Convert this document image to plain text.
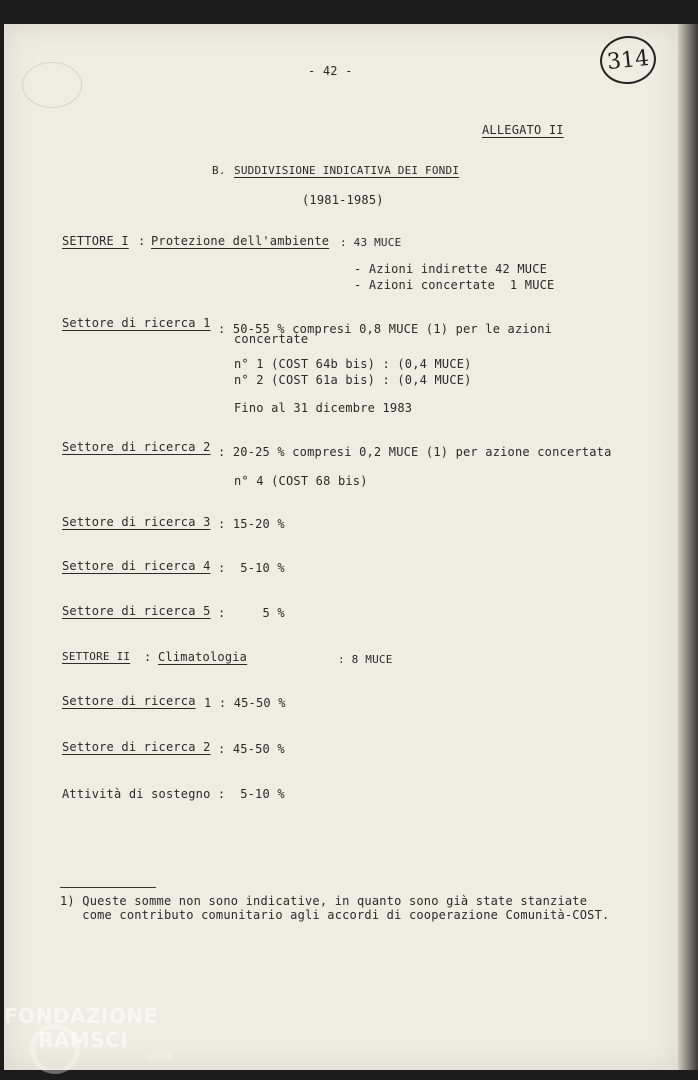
314
- 42 -
ALLEGATO II
B. SUDDIVISIONE INDICATIVA DEI FONDI
(1981-1985)
SETTORE I : Protezione dell'ambiente : 43 MUCE
- Azioni indirette 42 MUCE
- Azioni concertate  1 MUCE
Settore di ricerca 1 : 50-55 % compresi 0,8 MUCE (1) per le azioni
concertate
n° 1 (COST 64b bis) : (0,4 MUCE)
n° 2 (COST 61a bis) : (0,4 MUCE)
Fino al 31 dicembre 1983
Settore di ricerca 2 : 20-25 % compresi 0,2 MUCE (1) per azione concertata
n° 4 (COST 68 bis)
Settore di ricerca 3 : 15-20 %
Settore di ricerca 4 :  5-10 %
Settore di ricerca 5 :     5 %
SETTORE II : Climatologia	: 8 MUCE
Settore di ricerca 1 : 45-50 %
Settore di ricerca 2 : 45-50 %
Attività di sostegno :  5-10 %
1) Queste somme non sono indicative, in quanto sono già state stanziate
come contributo comunitario agli accordi di cooperazione Comunità-COST.
FONDAZIONE
RAMSCI
onlus
